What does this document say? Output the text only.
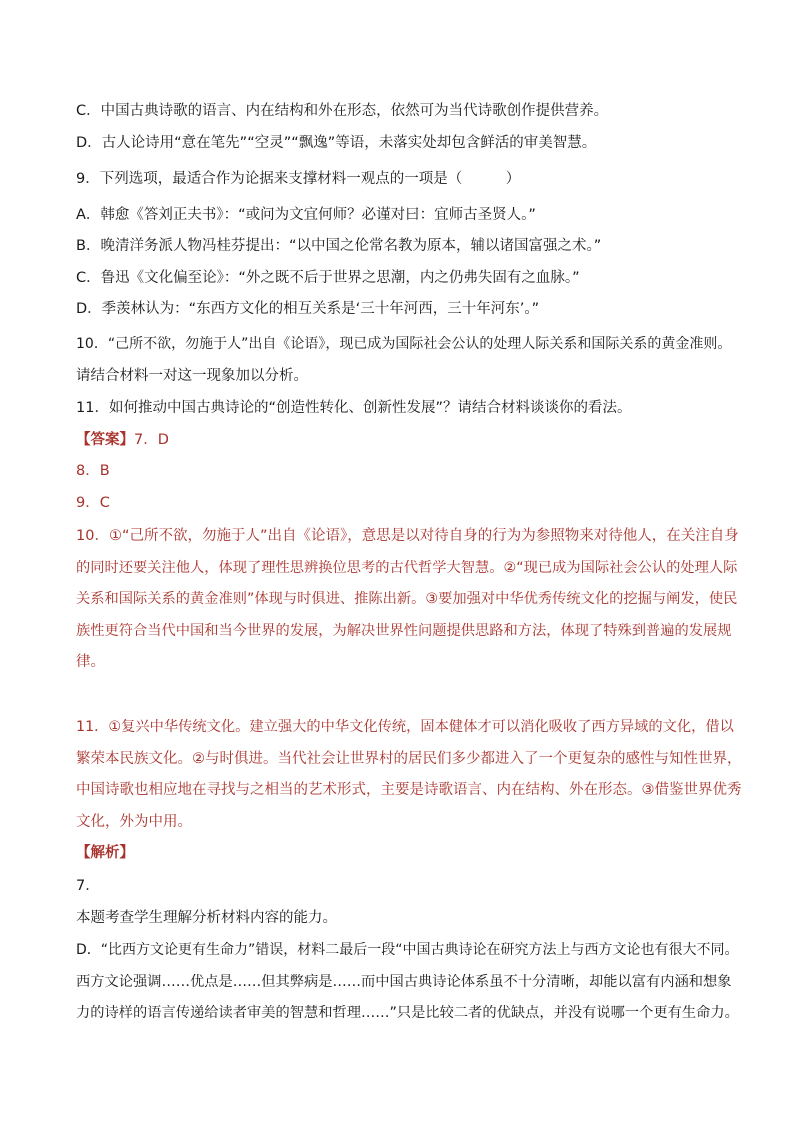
C．中国古典诗歌的语言、内在结构和外在形态，依然可为当代诗歌创作提供营养。
D．古人论诗用“意在笔先”“空灵”“飘逸”等语，未落实处却包含鲜活的审美智慧。
9．下列选项，最适合作为论据来支撑材料一观点的一项是（　　　）
A．韩愈《答刘正夫书》：“或问为文宜何师？必谨对曰：宜师古圣贤人。”
B．晚清洋务派人物冯桂芬提出：“以中国之伦常名教为原本，辅以诸国富强之术。”
C．鲁迅《文化偏至论》：“外之既不后于世界之思潮，内之仍弗失固有之血脉。”
D．季羡林认为：“东西方文化的相互关系是‘三十年河西，三十年河东’。”
10．“己所不欲，勿施于人”出自《论语》，现已成为国际社会公认的处理人际关系和国际关系的黄金准则。
请结合材料一对这一现象加以分析。
11．如何推动中国古典诗论的“创造性转化、创新性发展”？请结合材料谈谈你的看法。
【答案】7．D
8．B
9．C
10．①“己所不欲，勿施于人”出自《论语》，意思是以对待自身的行为为参照物来对待他人，在关注自身
的同时还要关注他人，体现了理性思辨换位思考的古代哲学大智慧。②“现已成为国际社会公认的处理人际
关系和国际关系的黄金准则”体现与时俱进、推陈出新。③要加强对中华优秀传统文化的挖掘与阐发，使民
族性更符合当代中国和当今世界的发展，为解决世界性问题提供思路和方法，体现了特殊到普遍的发展规
律。
11．①复兴中华传统文化。建立强大的中华文化传统，固本健体才可以消化吸收了西方异域的文化，借以
繁荣本民族文化。②与时俱进。当代社会让世界村的居民们多少都进入了一个更复杂的感性与知性世界，
中国诗歌也相应地在寻找与之相当的艺术形式，主要是诗歌语言、内在结构、外在形态。③借鉴世界优秀
文化，外为中用。
【解析】
7．
本题考查学生理解分析材料内容的能力。
D．“比西方文论更有生命力”错误，材料二最后一段“中国古典诗论在研究方法上与西方文论也有很大不同。
西方文论强调……优点是……但其弊病是……而中国古典诗论体系虽不十分清晰，却能以富有内涵和想象
力的诗样的语言传递给读者审美的智慧和哲理……”只是比较二者的优缺点，并没有说哪一个更有生命力。
